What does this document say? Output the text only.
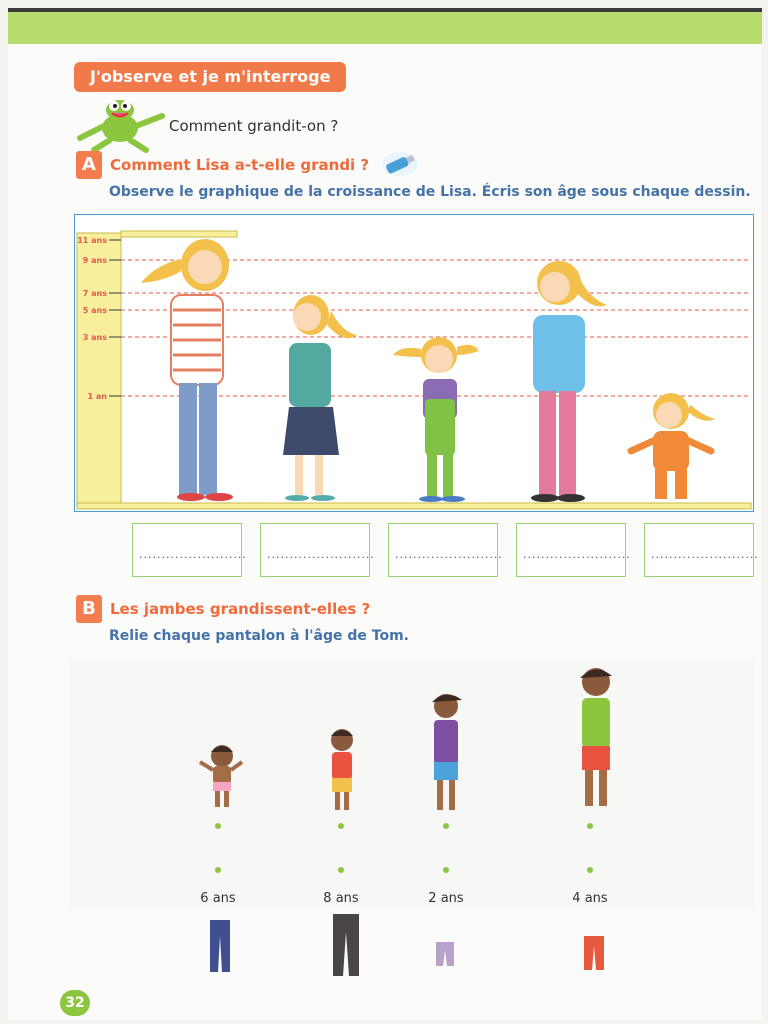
J'observe et je m'interroge
Comment grandit-on ?
A Comment Lisa a-t-elle grandi ?
Observe le graphique de la croissance de Lisa. Écris son âge sous chaque dessin.
11 ans
9 ans
7 ans
5 ans
3 ans
1 an
........................ ........................ ........................ ........................ ........................
B Les jambes grandissent-elles ?
Relie chaque pantalon à l'âge de Tom.
6 ans	8 ans	2 ans	4 ans
32
